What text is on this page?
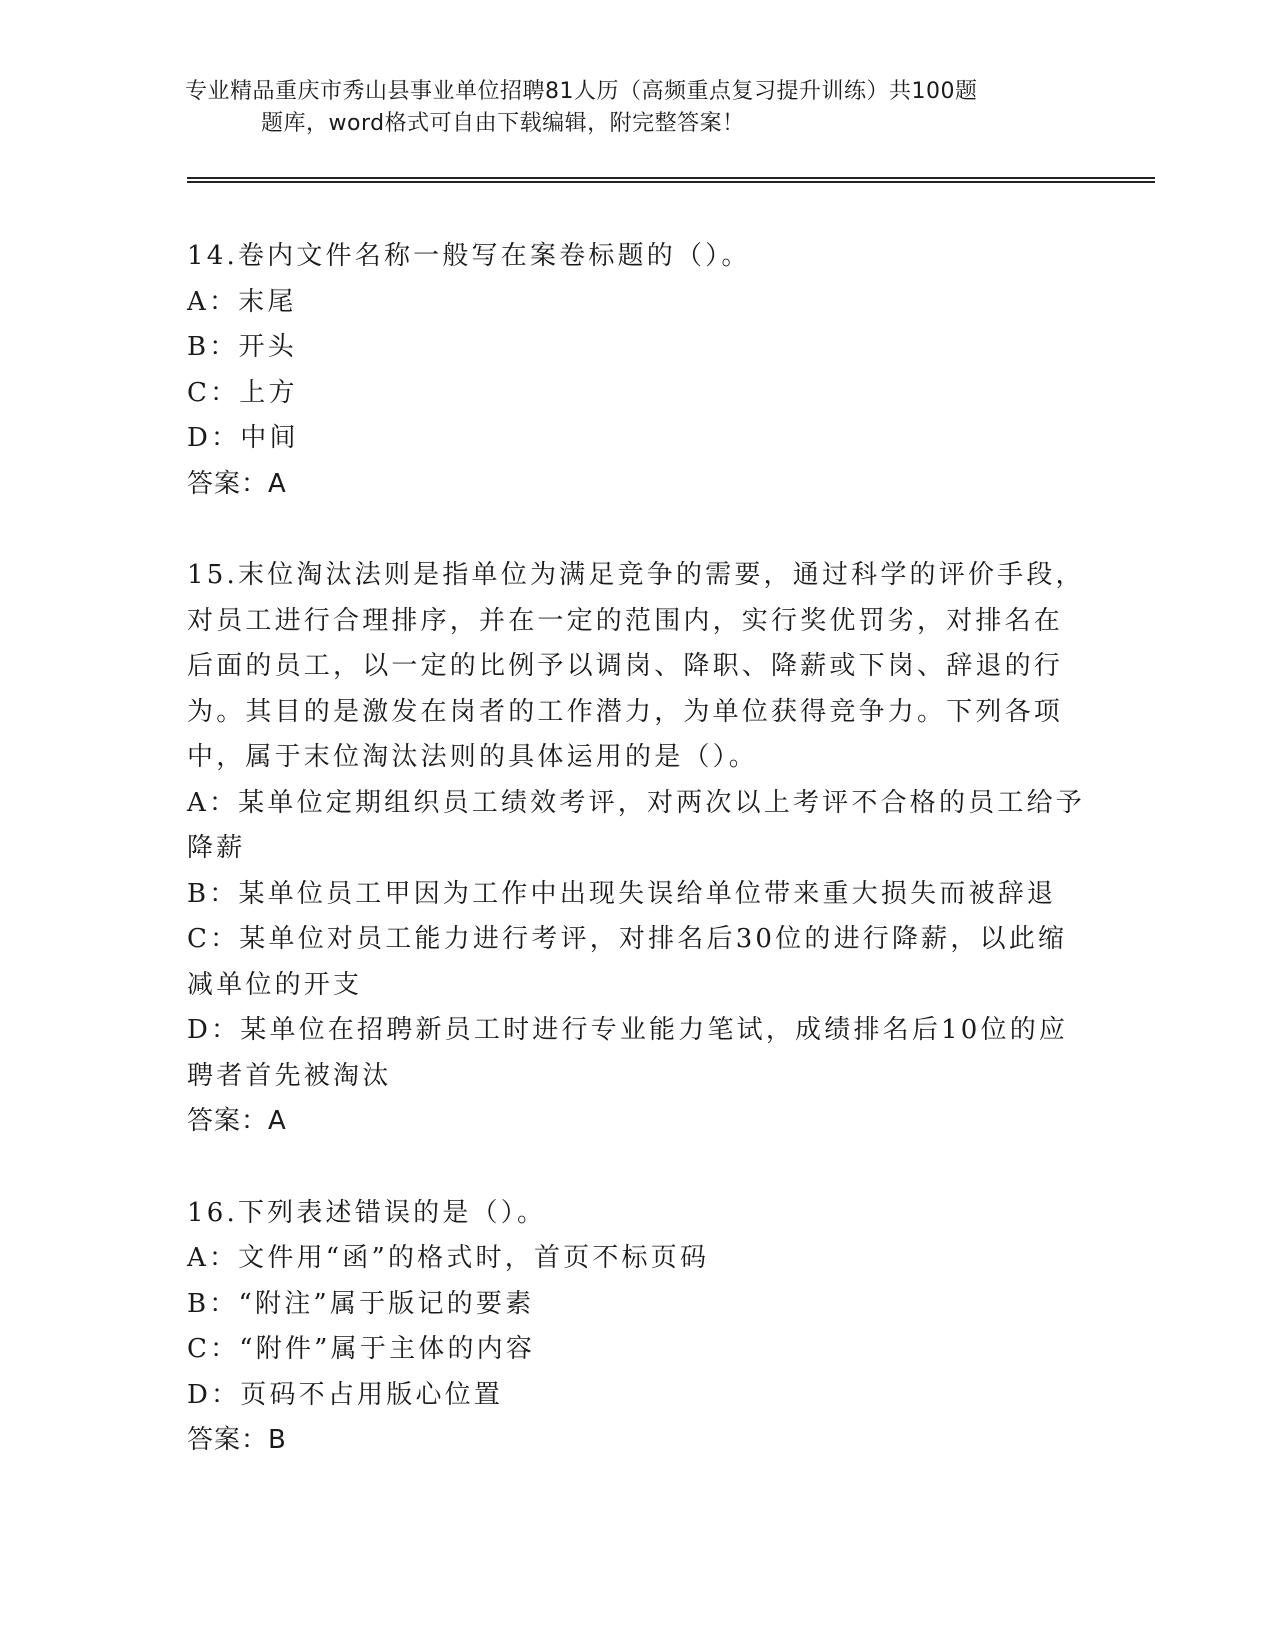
专业精品重庆市秀山县事业单位招聘81人历（高频重点复习提升训练）共100题
题库，word格式可自由下载编辑，附完整答案！
14.卷内文件名称一般写在案卷标题的（）。
A：末尾
B：开头
C：上方
D：中间
答案：A
15.末位淘汰法则是指单位为满足竞争的需要，通过科学的评价手段，
对员工进行合理排序，并在一定的范围内，实行奖优罚劣，对排名在
后面的员工，以一定的比例予以调岗、降职、降薪或下岗、辞退的行
为。其目的是激发在岗者的工作潜力，为单位获得竞争力。下列各项
中，属于末位淘汰法则的具体运用的是（）。
A：某单位定期组织员工绩效考评，对两次以上考评不合格的员工给予
降薪
B：某单位员工甲因为工作中出现失误给单位带来重大损失而被辞退
C：某单位对员工能力进行考评，对排名后30位的进行降薪，以此缩
减单位的开支
D：某单位在招聘新员工时进行专业能力笔试，成绩排名后10位的应
聘者首先被淘汰
答案：A
16.下列表述错误的是（）。
A：文件用“函”的格式时，首页不标页码
B：“附注”属于版记的要素
C：“附件”属于主体的内容
D：页码不占用版心位置
答案：B
